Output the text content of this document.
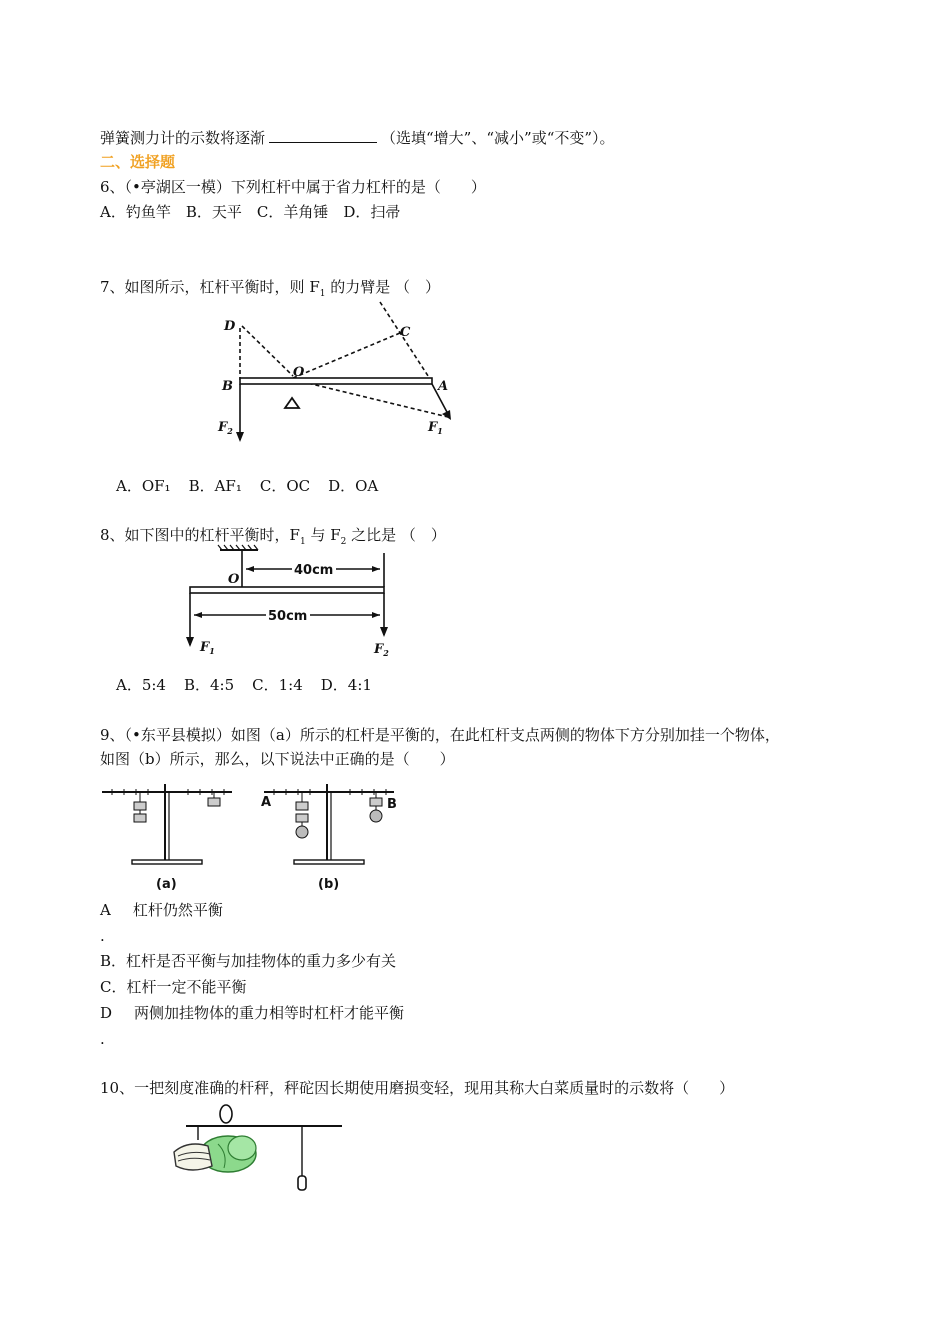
弹簧测力计的示数将逐渐	（选填“增大”、“减小”或“不变”）。
二、选择题
6、（•亭湖区一模）下列杠杆中属于省力杠杆的是（　　）
A．钓鱼竿　B．天平　C．羊角锤　D．扫帚
7、如图所示，杠杆平衡时，则 $F_1$ 的力臂是 （　）
D	C
O
B	A
$F_2$	$F_1$
A．OF₁ B．AF₁ C．OC D．OA
8、如下图中的杠杆平衡时，$F_1$ 与 $F_2$ 之比是 （　）
40cm
50cm
O
$F_1$	$F_2$
A．5:4 B．4:5 C．1:4 D．4:1
9、（•东平县模拟）如图（a）所示的杠杆是平衡的，在此杠杆支点两侧的物体下方分别加挂一个物体，
如图（b）所示，那么，以下说法中正确的是（　　）
(a)	(b)
A	B
A 杠杆仍然平衡
.
B．杠杆是否平衡与加挂物体的重力多少有关
C．杠杆一定不能平衡
D 两侧加挂物体的重力相等时杠杆才能平衡
.
10、一把刻度准确的杆秤，秤砣因长期使用磨损变轻，现用其称大白菜质量时的示数将（　　）
